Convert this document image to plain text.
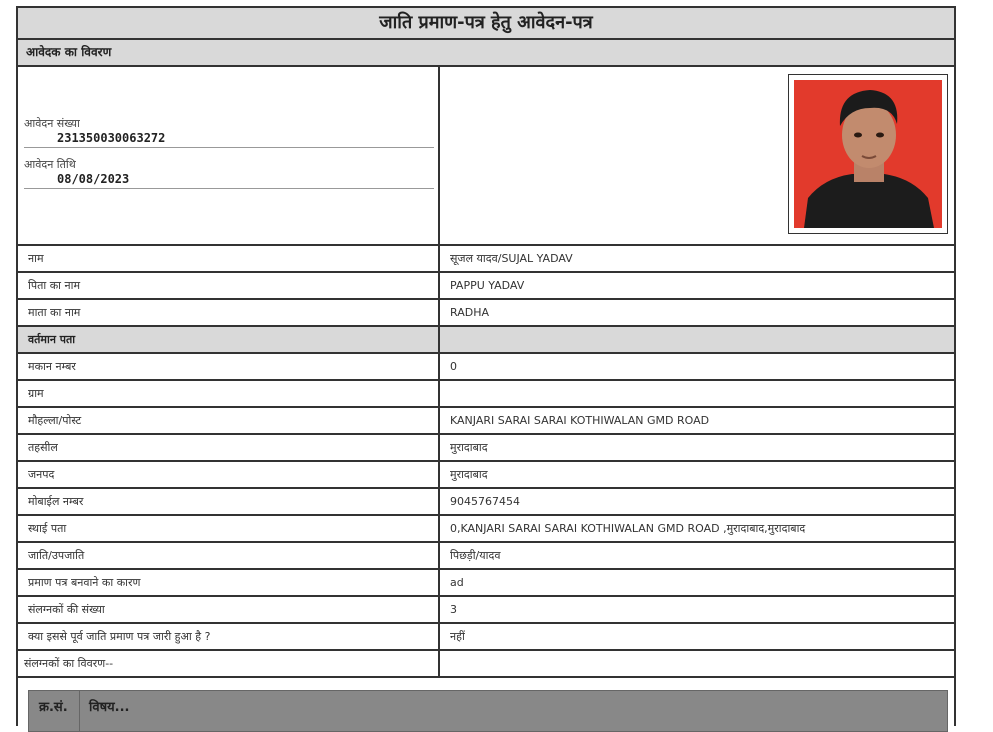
जाति प्रमाण-पत्र हेतु आवेदन-पत्र
आवेदक का विवरण
आवेदन संख्या
231350030063272
आवेदन तिथि
08/08/2023
नाम	सूजल यादव/SUJAL YADAV
पिता का नाम	PAPPU YADAV
माता का नाम	RADHA
वर्तमान पता
मकान नम्बर	0
ग्राम
मौहल्ला/पोस्ट	KANJARI SARAI SARAI KOTHIWALAN GMD ROAD
तहसील	मुरादाबाद
जनपद	मुरादाबाद
मोबाईल नम्बर	9045767454
स्थाई पता	0,KANJARI SARAI SARAI KOTHIWALAN GMD ROAD ,मुरादाबाद,मुरादाबाद
जाति/उपजाति	पिछड़ी/यादव
प्रमाण पत्र बनवाने का कारण	ad
संलग्नकों की संख्या	3
क्या इससे पूर्व जाति प्रमाण पत्र जारी हुआ है ?	नहीं
संलग्नकों का विवरण--
क्र.सं.	विषय...
